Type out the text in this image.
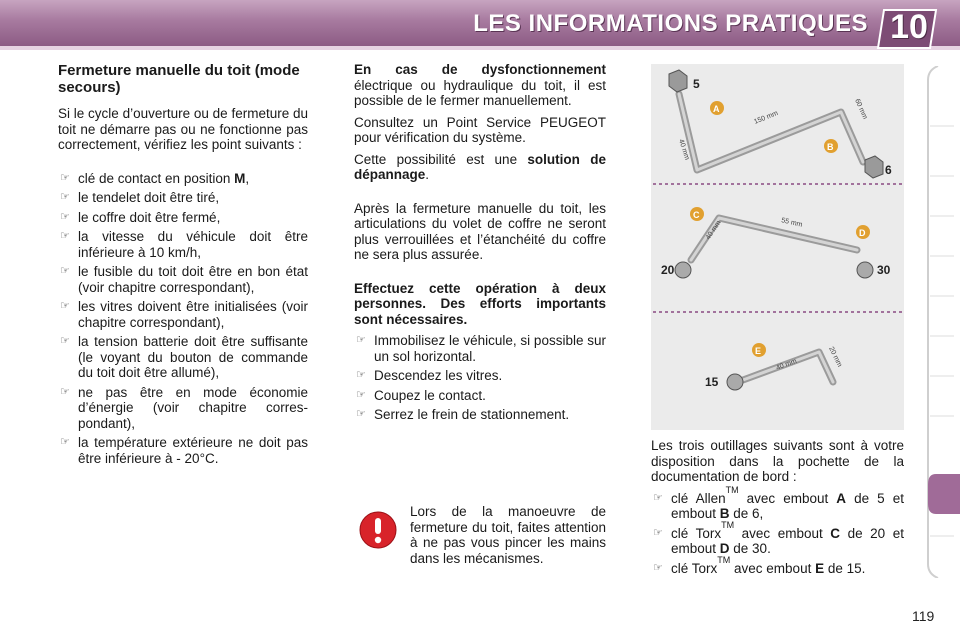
LES INFORMATIONS PRATIQUES 10
Fermeture manuelle du toit (mode secours)

Si le cycle d’ouverture ou de fermeture du toit ne démarre pas ou ne fonctionne pas correctement, vérifiez les point suivants :

☞ clé de contact en position M,
☞ le tendelet doit être tiré,
☞ le coffre doit être fermé,
☞ la vitesse du véhicule doit être inférieure à 10 km/h,
☞ le fusible du toit doit être en bon état (voir chapitre correspondant),
☞ les vitres doivent être initialisées (voir chapitre correspondant),
☞ la tension batterie doit être suffisante (le voyant du bouton de commande du toit doit être allumé),
☞ ne pas être en mode économie d’énergie (voir chapitre corres-pondant),
☞ la température extérieure ne doit pas être inférieure à - 20°C.

En cas de dysfonctionnement
électrique ou hydraulique du toit, il est possible de le fermer manuellement.

Consultez un Point Service PEUGEOT pour vérification du système.

Cette possibilité est une solution de dépannage.

Après la fermeture manuelle du toit, les articulations du volet de coffre ne seront plus verrouillées et l’étanchéité du coffre ne sera plus assurée.

Effectuez cette opération à deux personnes. Des efforts importants sont nécessaires.

☞ Immobilisez le véhicule, si possible sur un sol horizontal.
☞ Descendez les vitres.
☞ Coupez le contact.
☞ Serrez le frein de stationnement.
Lors de la manoeuvre de fermeture du toit, faites attention à ne pas vous pincer les mains dans les mécanismes.
5
6
A
B
40 mm
150 mm	60 mm
20	30
C
D
40 mm	55 mm
15
E
40 mm	20 mm

Les trois outillages suivants sont à votre disposition dans la pochette de la documentation de bord :

☞ clé Allen™ avec embout A de 5 et embout B de 6,
☞ clé Torx™ avec embout C de 20 et embout D de 30.
☞ clé Torx™ avec embout E de 15.
119
